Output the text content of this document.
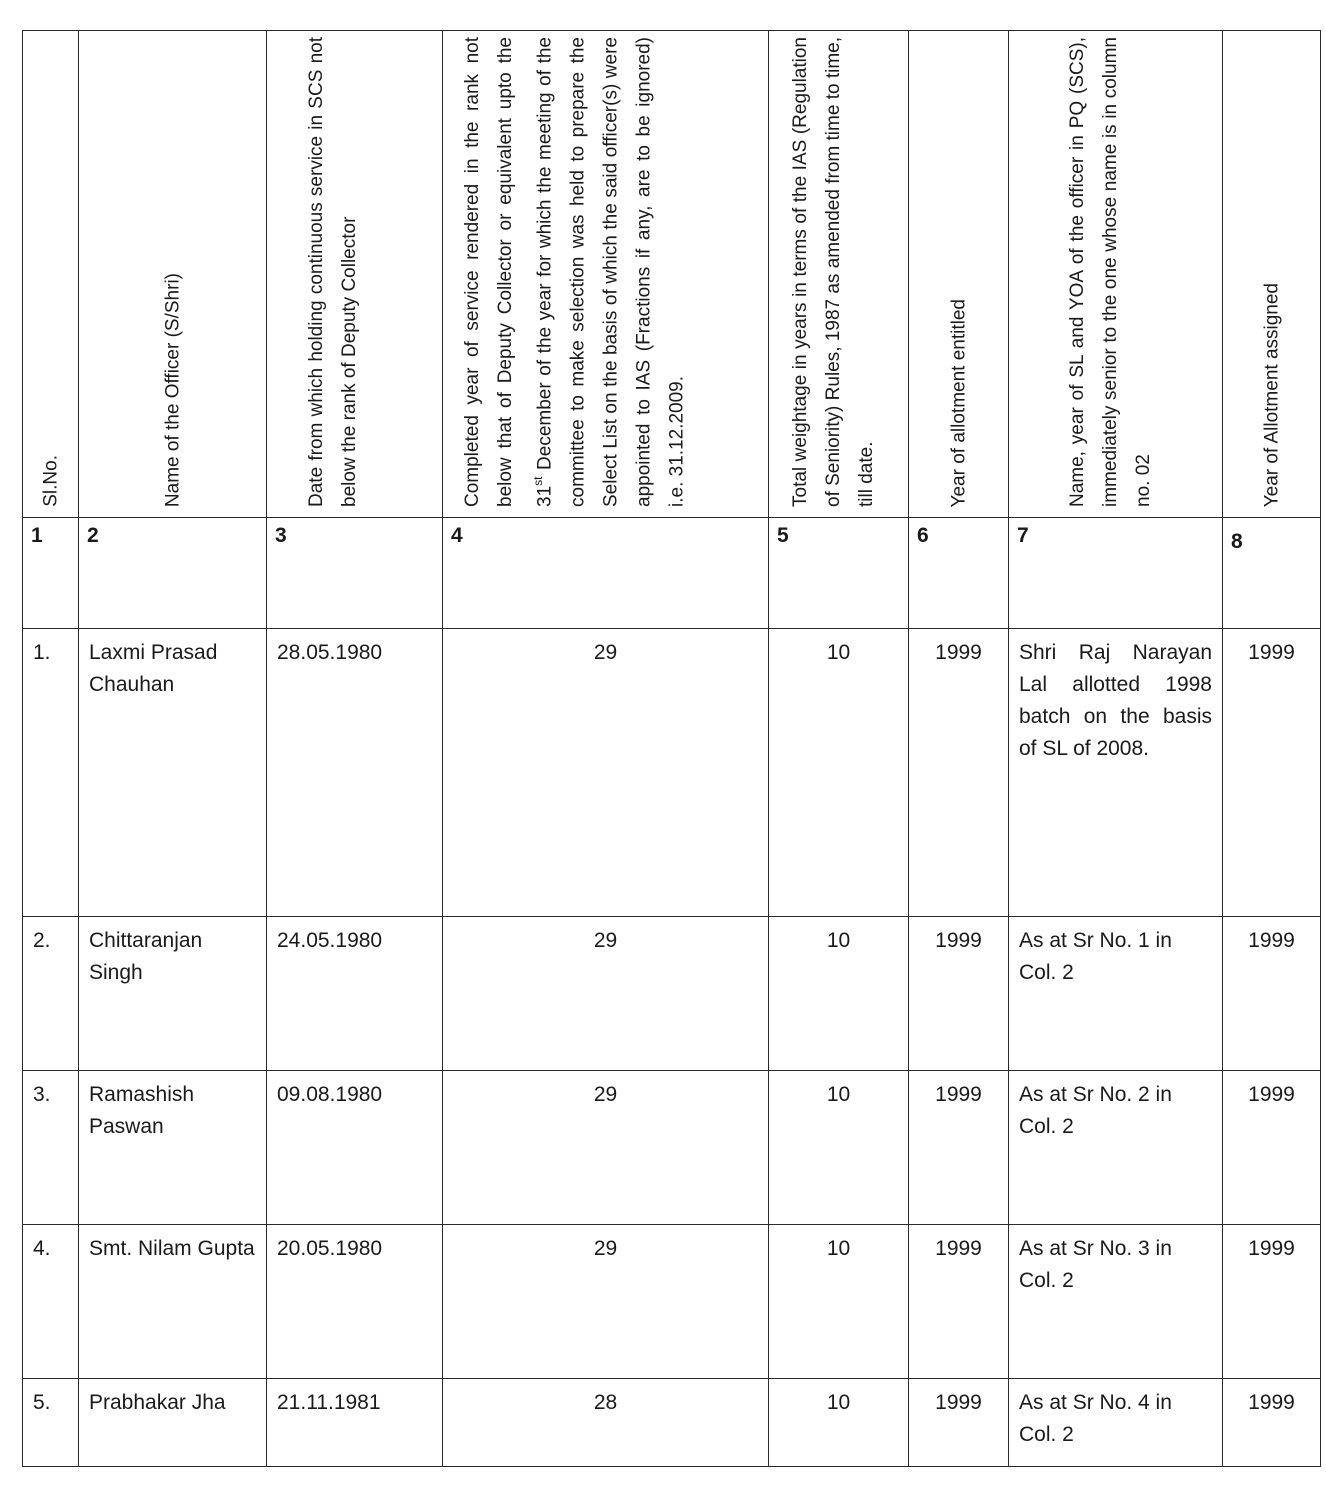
Sl.No.	Name of the Officer (S/Shri)	Date from which holding continuous service in SCS not below the rank of Deputy Collector	Completed year of service rendered in the rank not below that of Deputy Collector or equivalent upto the 31st December of the year for which the meeting of the committee to make selection was held to prepare the Select List on the basis of which the said officer(s) were appointed to IAS (Fractions if any, are to be ignored) i.e. 31.12.2009.	Total weightage in years in terms of the IAS (Regulation of Seniority) Rules, 1987 as amended from time to time, till date.	Year of allotment entitled	Name, year of SL and YOA of the officer in PQ (SCS), immediately senior to the one whose name is in column no. 02	Year of Allotment assigned

1	2	3	4	5	6	7	8

1.	Laxmi Prasad Chauhan	28.05.1980	29	10	1999	Shri Raj Narayan Lal allotted 1998 batch on the basis of SL of 2008.	1999
2.	Chittaranjan Singh	24.05.1980	29	10	1999	As at Sr No. 1 in Col. 2	1999
3.	Ramashish Paswan	09.08.1980	29	10	1999	As at Sr No. 2 in Col. 2	1999
4.	Smt. Nilam Gupta	20.05.1980	29	10	1999	As at Sr No. 3 in Col. 2	1999
5.	Prabhakar Jha	21.11.1981	28	10	1999	As at Sr No. 4 in Col. 2	1999
